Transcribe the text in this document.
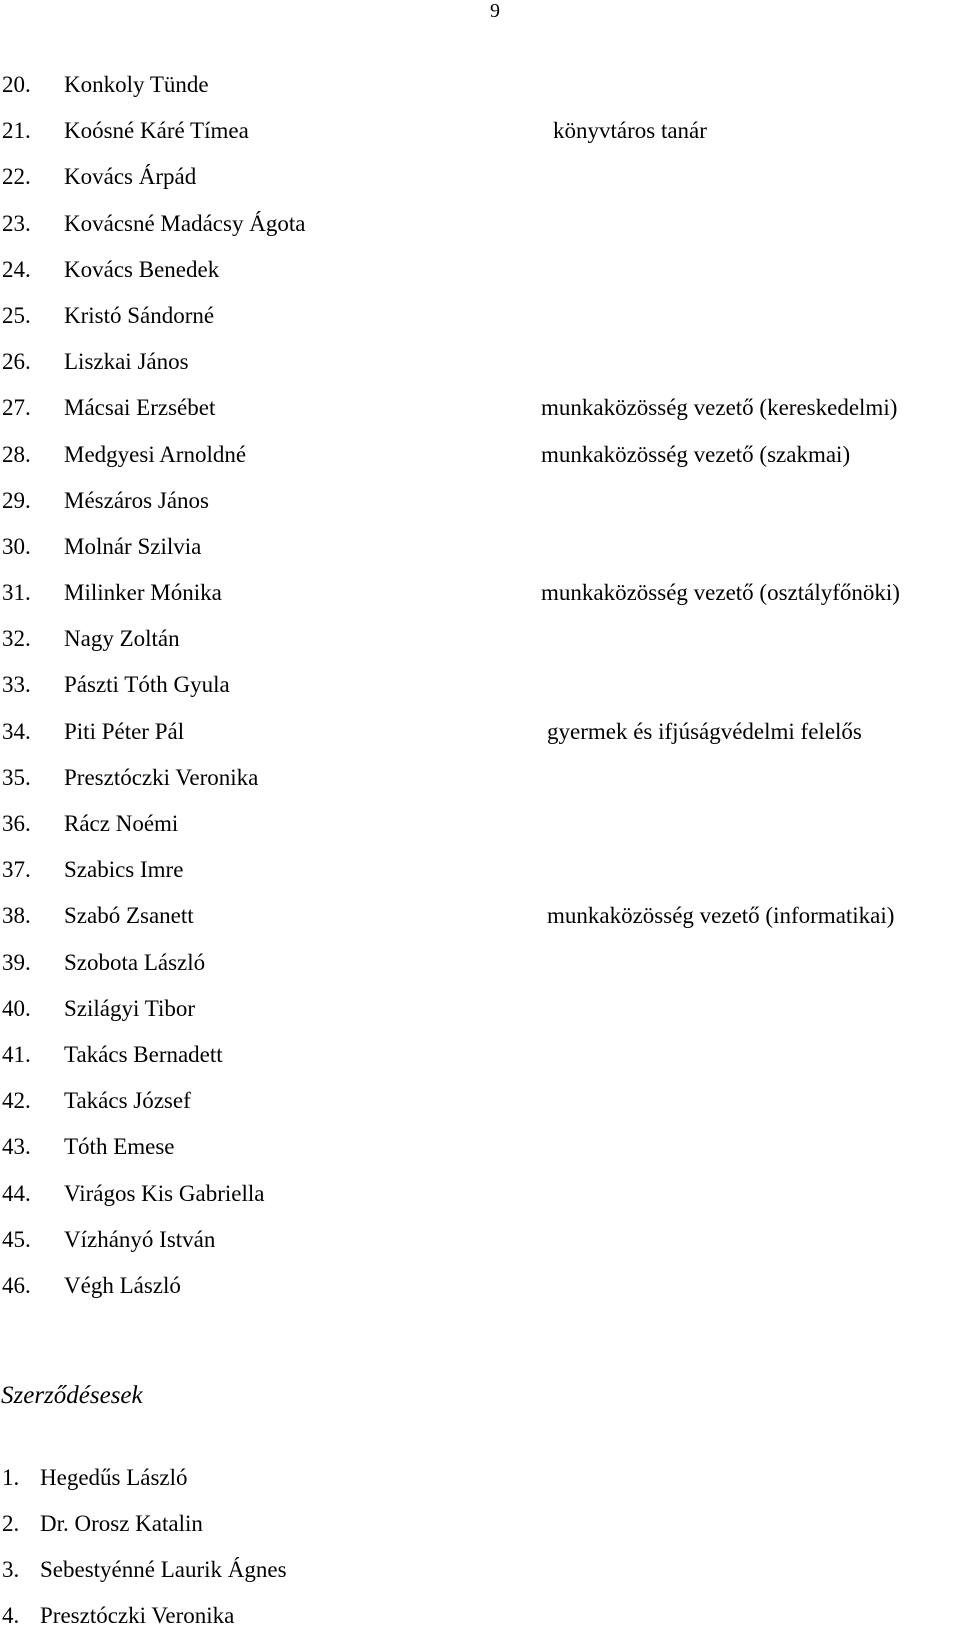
9
20. Konkoly Tünde
21. Koósné Káré Tímea	könyvtáros tanár
22. Kovács Árpád
23. Kovácsné Madácsy Ágota
24. Kovács Benedek
25. Kristó Sándorné
26. Liszkai János
27. Mácsai Erzsébet	munkaközösség vezető (kereskedelmi)
28. Medgyesi Arnoldné	munkaközösség vezető (szakmai)
29. Mészáros János
30. Molnár Szilvia
31. Milinker Mónika	munkaközösség vezető (osztályfőnöki)
32. Nagy Zoltán
33. Pászti Tóth Gyula
34. Piti Péter Pál	gyermek és ifjúságvédelmi felelős
35. Presztóczki Veronika
36. Rácz Noémi
37. Szabics Imre
38. Szabó Zsanett	munkaközösség vezető (informatikai)
39. Szobota László
40. Szilágyi Tibor
41. Takács Bernadett
42. Takács József
43. Tóth Emese
44. Virágos Kis Gabriella
45. Vízhányó István
46. Végh László
Szerződésesek
1. Hegedűs László
2. Dr. Orosz Katalin
3. Sebestyénné Laurik Ágnes
4. Presztóczki Veronika
